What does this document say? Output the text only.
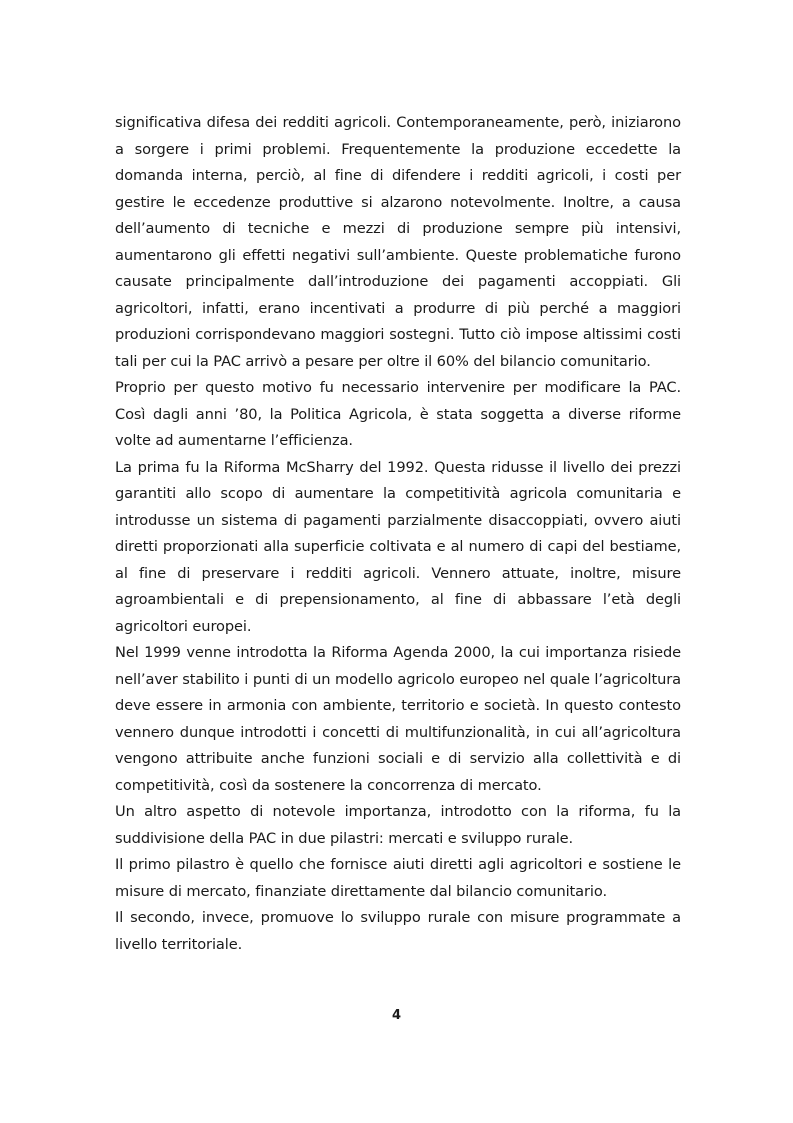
significativa difesa dei redditi agricoli. Contemporaneamente, però, iniziarono a sorgere i primi problemi. Frequentemente la produzione eccedette la domanda interna, perciò, al fine di difendere i redditi agricoli, i costi per gestire le eccedenze produttive si alzarono notevolmente. Inoltre, a causa dell’aumento di tecniche e mezzi di produzione sempre più intensivi, aumentarono gli effetti negativi sull’ambiente. Queste problematiche furono causate principalmente dall’introduzione dei pagamenti accoppiati. Gli agricoltori, infatti, erano incentivati a produrre di più perché a maggiori produzioni corrispondevano maggiori sostegni. Tutto ciò impose altissimi costi tali per cui la PAC arrivò a pesare per oltre il 60% del bilancio comunitario.

Proprio per questo motivo fu necessario intervenire per modificare la PAC. Così dagli anni ’80, la Politica Agricola, è stata soggetta a diverse riforme volte ad aumentarne l’efficienza.

La prima fu la Riforma McSharry del 1992. Questa ridusse il livello dei prezzi garantiti allo scopo di aumentare la competitività agricola comunitaria e introdusse un sistema di pagamenti parzialmente disaccoppiati, ovvero aiuti diretti proporzionati alla superficie coltivata e al numero di capi del bestiame, al fine di preservare i redditi agricoli. Vennero attuate, inoltre, misure agroambientali e di prepensionamento, al fine di abbassare l’età degli agricoltori europei.

Nel 1999 venne introdotta la Riforma Agenda 2000, la cui importanza risiede nell’aver stabilito i punti di un modello agricolo europeo nel quale l’agricoltura deve essere in armonia con ambiente, territorio e società. In questo contesto vennero dunque introdotti i concetti di multifunzionalità, in cui all’agricoltura vengono attribuite anche funzioni sociali e di servizio alla collettività e di competitività, così da sostenere la concorrenza di mercato.

Un altro aspetto di notevole importanza, introdotto con la riforma, fu la suddivisione della PAC in due pilastri: mercati e sviluppo rurale.

Il primo pilastro è quello che fornisce aiuti diretti agli agricoltori e sostiene le misure di mercato, finanziate direttamente dal bilancio comunitario.

Il secondo, invece, promuove lo sviluppo rurale con misure programmate a livello territoriale.

4
